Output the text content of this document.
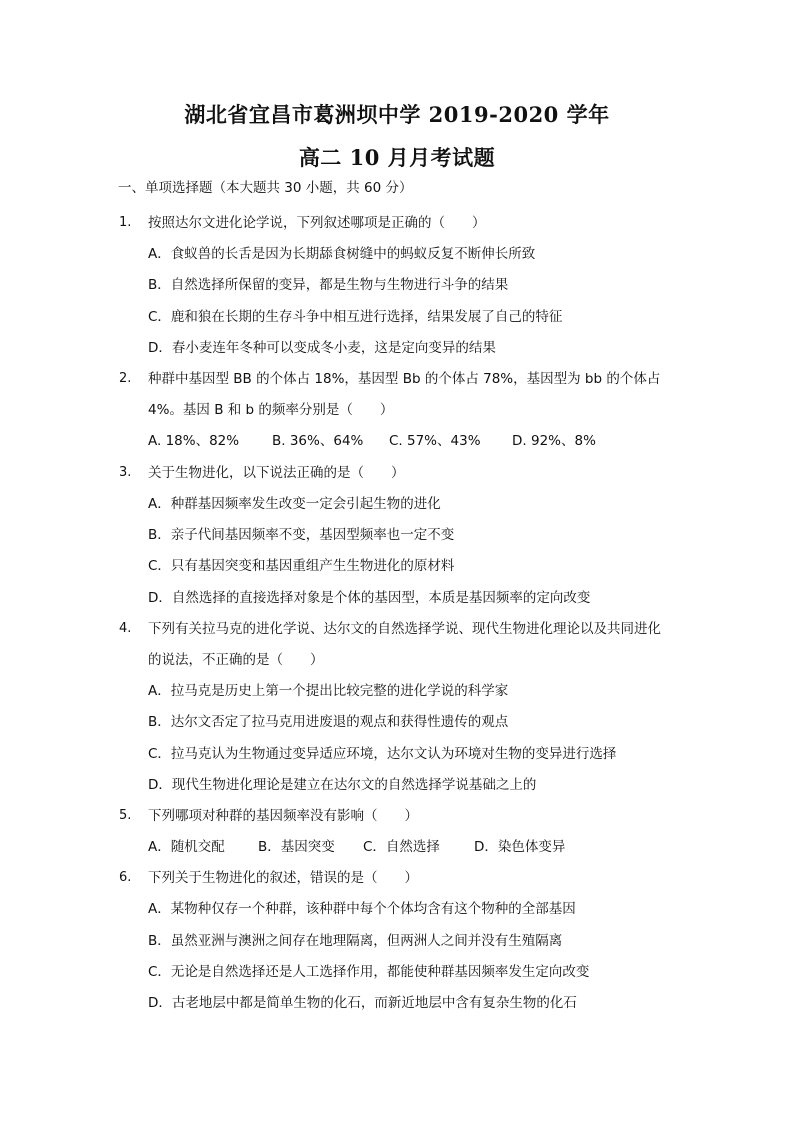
湖北省宜昌市葛洲坝中学 2019-2020 学年
高二 10 月月考试题
一、单项选择题（本大题共 30 小题，共 60 分）
1. 按照达尔文进化论学说，下列叙述哪项是正确的（　　）
A．食蚁兽的长舌是因为长期舔食树缝中的蚂蚁反复不断伸长所致
B．自然选择所保留的变异，都是生物与生物进行斗争的结果
C．鹿和狼在长期的生存斗争中相互进行选择，结果发展了自己的特征
D．春小麦连年冬种可以变成冬小麦，这是定向变异的结果
2. 种群中基因型 BB 的个体占 18%，基因型 Bb 的个体占 78%，基因型为 bb 的个体占
4%。基因 B 和 b 的频率分别是（　　）
A. 18%、82% B. 36%、64% C. 57%、43% D. 92%、8%
3. 关于生物进化，以下说法正确的是（　　）
A．种群基因频率发生改变一定会引起生物的进化
B．亲子代间基因频率不变，基因型频率也一定不变
C．只有基因突变和基因重组产生生物进化的原材料
D．自然选择的直接选择对象是个体的基因型，本质是基因频率的定向改变
4. 下列有关拉马克的进化学说、达尔文的自然选择学说、现代生物进化理论以及共同进化
的说法，不正确的是（　　）
A．拉马克是历史上第一个提出比较完整的进化学说的科学家
B．达尔文否定了拉马克用进废退的观点和获得性遗传的观点
C．拉马克认为生物通过变异适应环境，达尔文认为环境对生物的变异进行选择
D．现代生物进化理论是建立在达尔文的自然选择学说基础之上的
5. 下列哪项对种群的基因频率没有影响（　　）
A．随机交配 B．基因突变 C．自然选择	D．染色体变异
6. 下列关于生物进化的叙述，错误的是（　　）
A．某物种仅存一个种群，该种群中每个个体均含有这个物种的全部基因
B．虽然亚洲与澳洲之间存在地理隔离，但两洲人之间并没有生殖隔离
C．无论是自然选择还是人工选择作用，都能使种群基因频率发生定向改变
D．古老地层中都是简单生物的化石，而新近地层中含有复杂生物的化石
